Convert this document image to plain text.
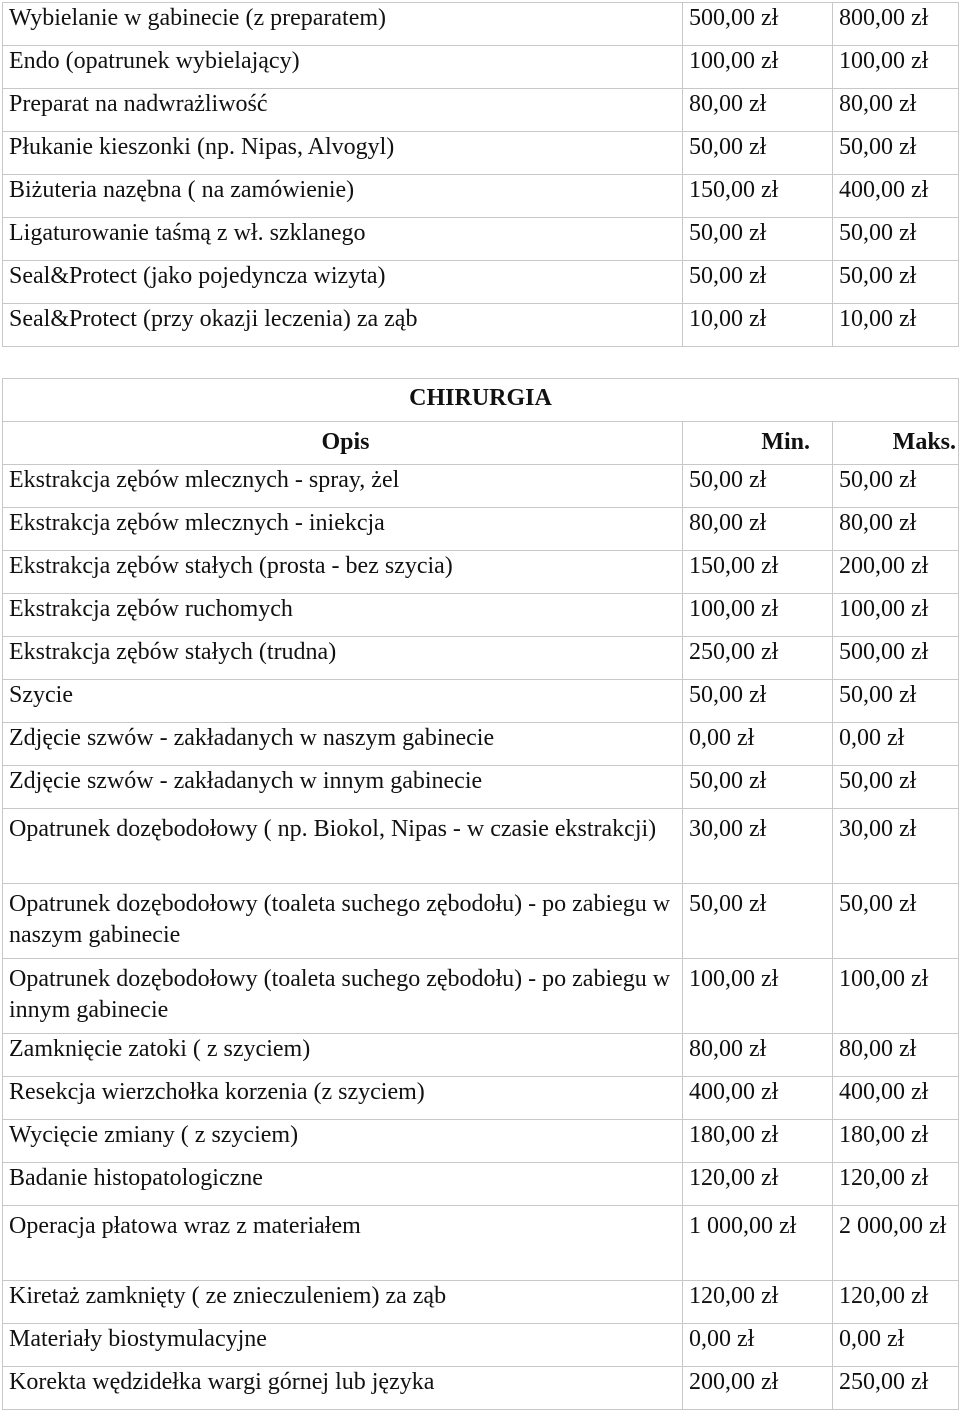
Wybielanie w gabinecie (z preparatem)	500,00 zł	800,00 zł
Endo (opatrunek wybielający)	100,00 zł	100,00 zł
Preparat na nadwrażliwość	80,00 zł	80,00 zł
Płukanie kieszonki (np. Nipas, Alvogyl)	50,00 zł	50,00 zł
Biżuteria nazębna ( na zamówienie)	150,00 zł	400,00 zł
Ligaturowanie taśmą z wł. szklanego	50,00 zł	50,00 zł
Seal&Protect (jako pojedyncza wizyta)	50,00 zł	50,00 zł
Seal&Protect (przy okazji leczenia) za ząb	10,00 zł	10,00 zł
CHIRURGIA		
Opis	Min.	Maks.
Ekstrakcja zębów mlecznych - spray, żel	50,00 zł	50,00 zł
Ekstrakcja zębów mlecznych - iniekcja	80,00 zł	80,00 zł
Ekstrakcja zębów stałych (prosta - bez szycia)	150,00 zł	200,00 zł
Ekstrakcja zębów ruchomych	100,00 zł	100,00 zł
Ekstrakcja zębów stałych (trudna)	250,00 zł	500,00 zł
Szycie	50,00 zł	50,00 zł
Zdjęcie szwów - zakładanych w naszym gabinecie	0,00 zł	0,00 zł
Zdjęcie szwów - zakładanych w innym gabinecie	50,00 zł	50,00 zł
Opatrunek dozębodołowy ( np. Biokol, Nipas - w czasie ekstrakcji)	30,00 zł	30,00 zł
Opatrunek dozębodołowy (toaleta suchego zębodołu) - po zabiegu w naszym gabinecie	50,00 zł	50,00 zł
Opatrunek dozębodołowy (toaleta suchego zębodołu) - po zabiegu w innym gabinecie	100,00 zł	100,00 zł
Zamknięcie zatoki ( z szyciem)	80,00 zł	80,00 zł
Resekcja wierzchołka korzenia (z szyciem)	400,00 zł	400,00 zł
Wycięcie zmiany ( z szyciem)	180,00 zł	180,00 zł
Badanie histopatologiczne	120,00 zł	120,00 zł
Operacja płatowa wraz z materiałem	1 000,00 zł	2 000,00 zł
Kiretaż zamknięty ( ze znieczuleniem) za ząb	120,00 zł	120,00 zł
Materiały biostymulacyjne	0,00 zł	0,00 zł
Korekta wędzidełka wargi górnej lub języka	200,00 zł	250,00 zł
